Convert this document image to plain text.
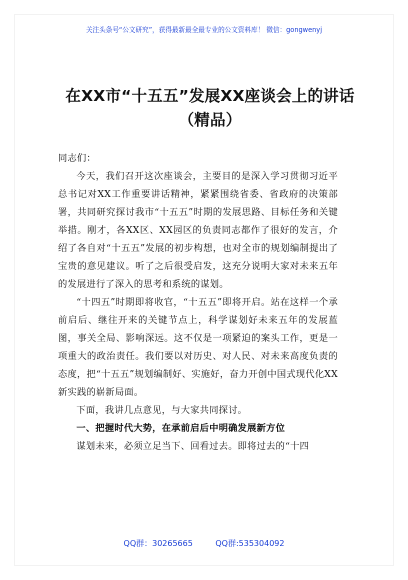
关注头条号“公文研究”，获得最新最全最专业的公文资料库！ 微信：gongwenyj
在XX市“十五五”发展XX座谈会上的讲话（精品）

同志们：

今天，我们召开这次座谈会，主要目的是深入学习贯彻习近平总书记对XX工作重要讲话精神，紧紧围绕省委、省政府的决策部署，共同研究探讨我市“十五五”时期的发展思路、目标任务和关键举措。刚才，各XX区、XX园区的负责同志都作了很好的发言，介绍了各自对“十五五”发展的初步构想，也对全市的规划编制提出了宝贵的意见建议。听了之后很受启发，这充分说明大家对未来五年的发展进行了深入的思考和系统的谋划。

“十四五”时期即将收官，“十五五”即将开启。站在这样一个承前启后、继往开来的关键节点上，科学谋划好未来五年的发展蓝图，事关全局、影响深远。这不仅是一项紧迫的案头工作，更是一项重大的政治责任。我们要以对历史、对人民、对未来高度负责的态度，把“十五五”规划编制好、实施好，奋力开创中国式现代化XX新实践的崭新局面。

下面，我讲几点意见，与大家共同探讨。

一、把握时代大势，在承前启后中明确发展新方位

谋划未来，必须立足当下、回看过去。即将过去的“十四

QQ群：30265665	QQ群:535304092
